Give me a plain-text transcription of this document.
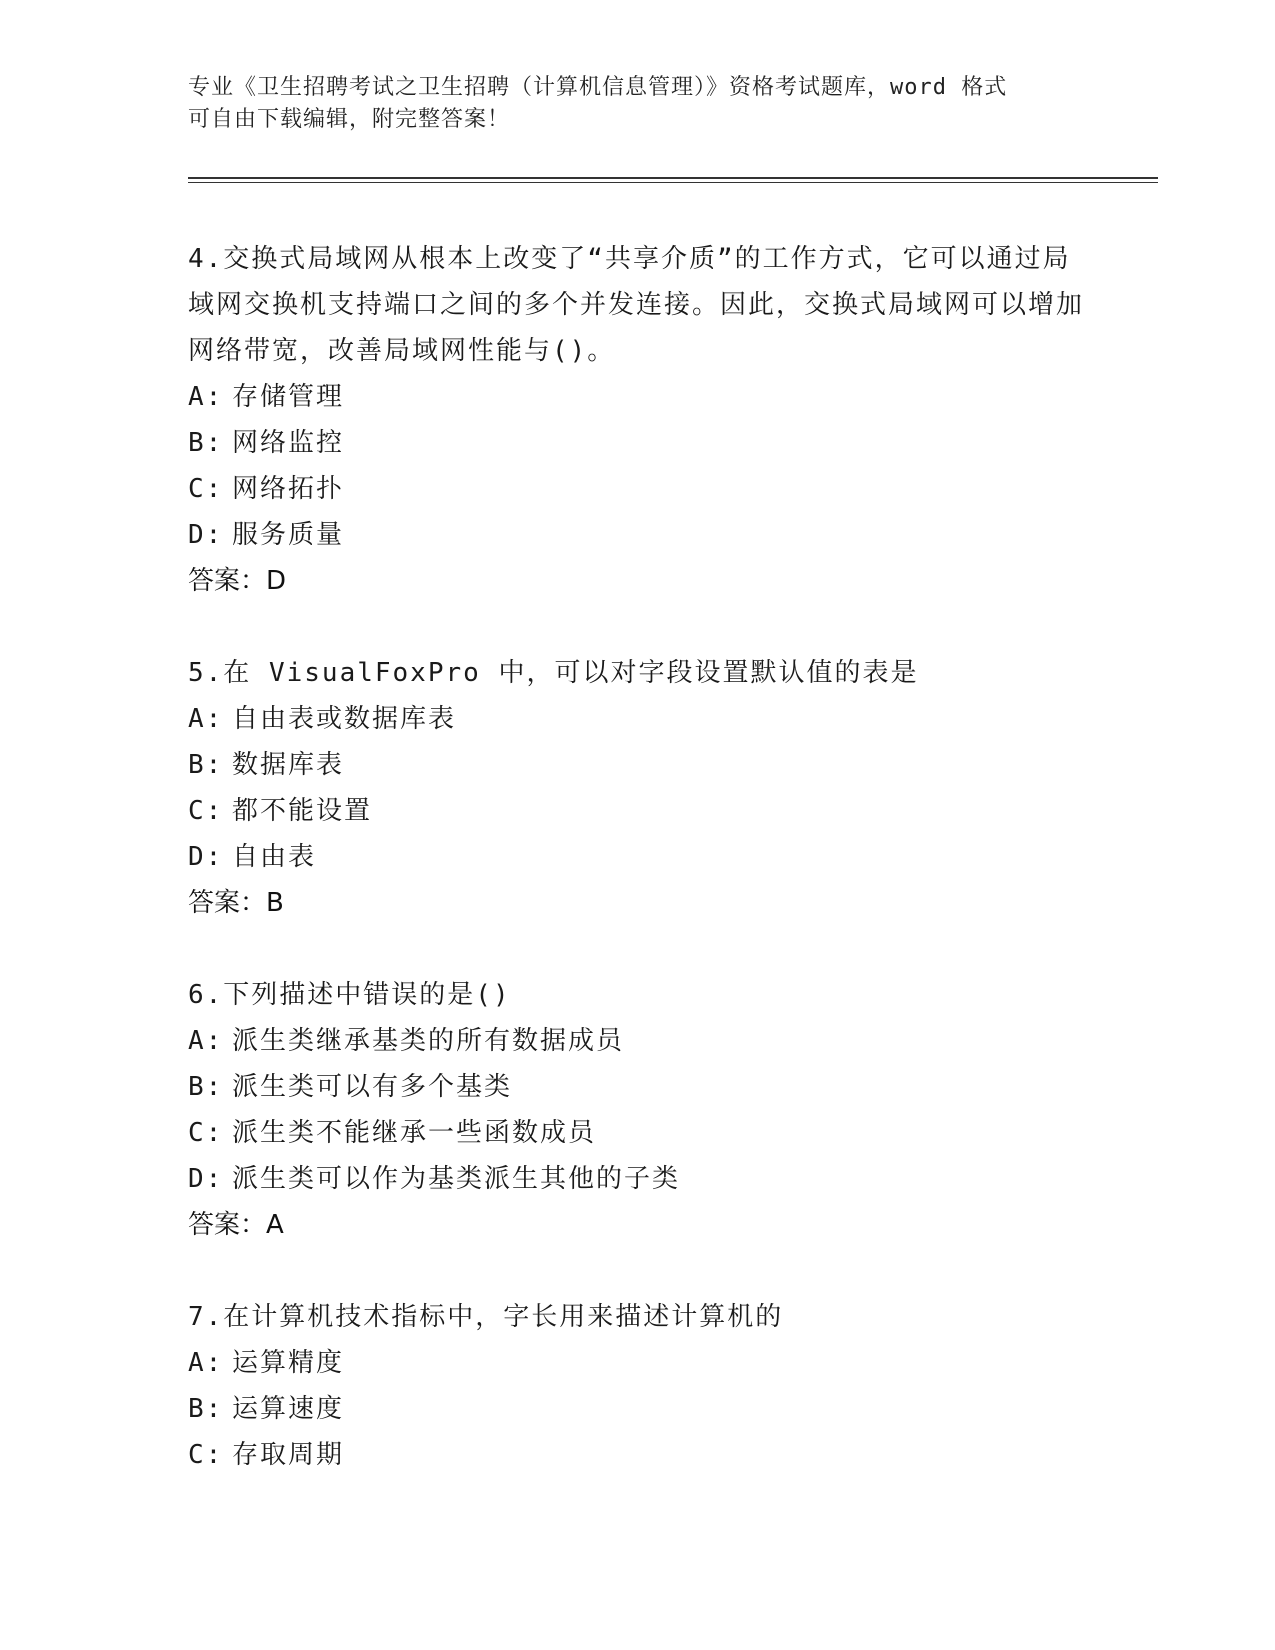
专业《卫生招聘考试之卫生招聘（计算机信息管理）》资格考试题库，word 格式
可自由下载编辑，附完整答案！

4.交换式局域网从根本上改变了“共享介质”的工作方式，它可以通过局域网交换机支持端口之间的多个并发连接。因此，交换式局域网可以增加网络带宽，改善局域网性能与()。

A: 存储管理

B: 网络监控

C: 网络拓扑

D: 服务质量

答案：D

5.在 VisualFoxPro 中，可以对字段设置默认值的表是

A: 自由表或数据库表

B: 数据库表

C: 都不能设置

D: 自由表

答案：B

6.下列描述中错误的是()

A: 派生类继承基类的所有数据成员

B: 派生类可以有多个基类

C: 派生类不能继承一些函数成员

D: 派生类可以作为基类派生其他的子类

答案：A

7.在计算机技术指标中，字长用来描述计算机的

A: 运算精度

B: 运算速度

C: 存取周期
